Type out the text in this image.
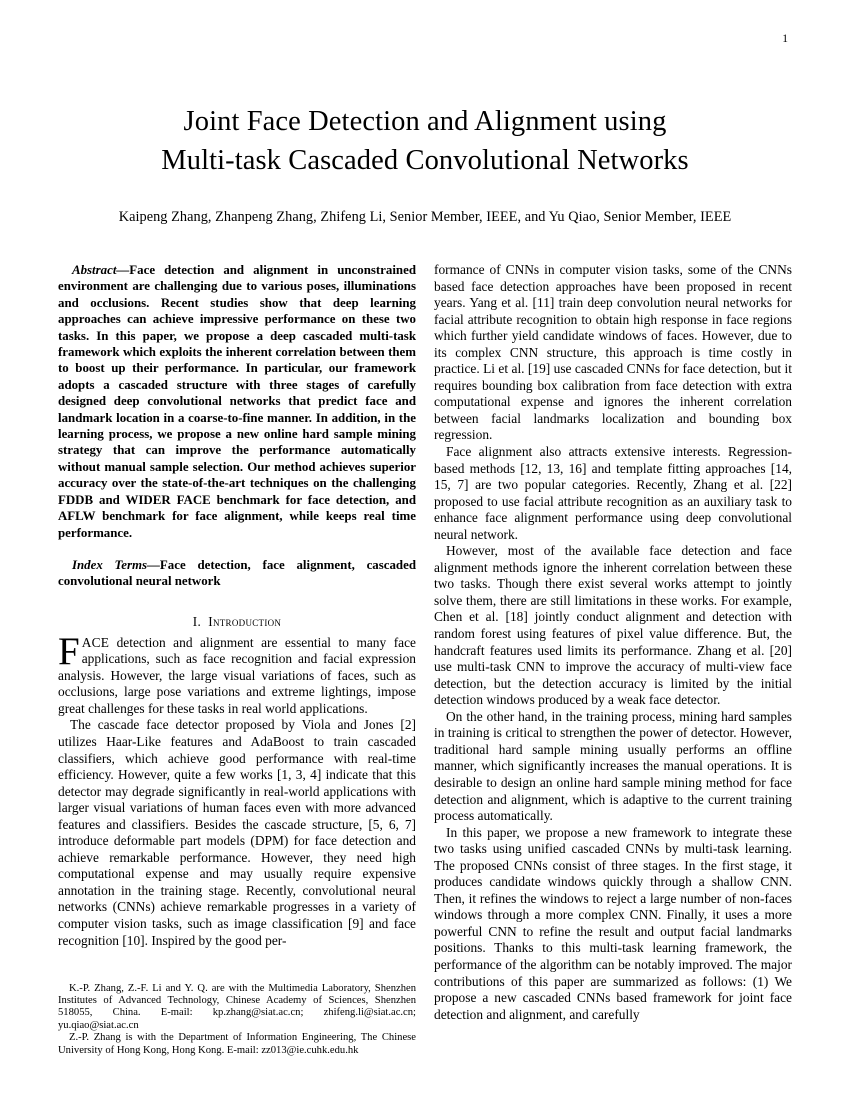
1
Joint Face Detection and Alignment using
Multi-task Cascaded Convolutional Networks
Kaipeng Zhang, Zhanpeng Zhang, Zhifeng Li, Senior Member, IEEE, and Yu Qiao, Senior Member, IEEE

Abstract—Face detection and alignment in unconstrained environment are challenging due to various poses, illuminations and occlusions. Recent studies show that deep learning approaches can achieve impressive performance on these two tasks. In this paper, we propose a deep cascaded multi-task framework which exploits the inherent correlation between them to boost up their performance. In particular, our framework adopts a cascaded structure with three stages of carefully designed deep convolutional networks that predict face and landmark location in a coarse-to-fine manner. In addition, in the learning process, we propose a new online hard sample mining strategy that can improve the performance automatically without manual sample selection. Our method achieves superior accuracy over the state-of-the-art techniques on the challenging FDDB and WIDER FACE benchmark for face detection, and AFLW benchmark for face alignment, while keeps real time performance.

Index Terms—Face detection, face alignment, cascaded convolutional neural network

I. Introduction

FACE detection and alignment are essential to many face applications, such as face recognition and facial expression analysis. However, the large visual variations of faces, such as occlusions, large pose variations and extreme lightings, impose great challenges for these tasks in real world applications.

The cascade face detector proposed by Viola and Jones [2] utilizes Haar-Like features and AdaBoost to train cascaded classifiers, which achieve good performance with real-time efficiency. However, quite a few works [1, 3, 4] indicate that this detector may degrade significantly in real-world applications with larger visual variations of human faces even with more advanced features and classifiers. Besides the cascade structure, [5, 6, 7] introduce deformable part models (DPM) for face detection and achieve remarkable performance. However, they need high computational expense and may usually require expensive annotation in the training stage. Recently, convolutional neural networks (CNNs) achieve remarkable progresses in a variety of computer vision tasks, such as image classification [9] and face recognition [10]. Inspired by the good per-

K.-P. Zhang, Z.-F. Li and Y. Q. are with the Multimedia Laboratory, Shenzhen Institutes of Advanced Technology, Chinese Academy of Sciences, Shenzhen 518055, China. E-mail: kp.zhang@siat.ac.cn; zhifeng.li@siat.ac.cn; yu.qiao@siat.ac.cn

Z.-P. Zhang is with the Department of Information Engineering, The Chinese University of Hong Kong, Hong Kong. E-mail: zz013@ie.cuhk.edu.hk

formance of CNNs in computer vision tasks, some of the CNNs based face detection approaches have been proposed in recent years. Yang et al. [11] train deep convolution neural networks for facial attribute recognition to obtain high response in face regions which further yield candidate windows of faces. However, due to its complex CNN structure, this approach is time costly in practice. Li et al. [19] use cascaded CNNs for face detection, but it requires bounding box calibration from face detection with extra computational expense and ignores the inherent correlation between facial landmarks localization and bounding box regression.

Face alignment also attracts extensive interests. Regression-based methods [12, 13, 16] and template fitting approaches [14, 15, 7] are two popular categories. Recently, Zhang et al. [22] proposed to use facial attribute recognition as an auxiliary task to enhance face alignment performance using deep convolutional neural network.

However, most of the available face detection and face alignment methods ignore the inherent correlation between these two tasks. Though there exist several works attempt to jointly solve them, there are still limitations in these works. For example, Chen et al. [18] jointly conduct alignment and detection with random forest using features of pixel value difference. But, the handcraft features used limits its performance. Zhang et al. [20] use multi-task CNN to improve the accuracy of multi-view face detection, but the detection accuracy is limited by the initial detection windows produced by a weak face detector.

On the other hand, in the training process, mining hard samples in training is critical to strengthen the power of detector. However, traditional hard sample mining usually performs an offline manner, which significantly increases the manual operations. It is desirable to design an online hard sample mining method for face detection and alignment, which is adaptive to the current training process automatically.

In this paper, we propose a new framework to integrate these two tasks using unified cascaded CNNs by multi-task learning. The proposed CNNs consist of three stages. In the first stage, it produces candidate windows quickly through a shallow CNN. Then, it refines the windows to reject a large number of non-faces windows through a more complex CNN. Finally, it uses a more powerful CNN to refine the result and output facial landmarks positions. Thanks to this multi-task learning framework, the performance of the algorithm can be notably improved. The major contributions of this paper are summarized as follows: (1) We propose a new cascaded CNNs based framework for joint face detection and alignment, and carefully
